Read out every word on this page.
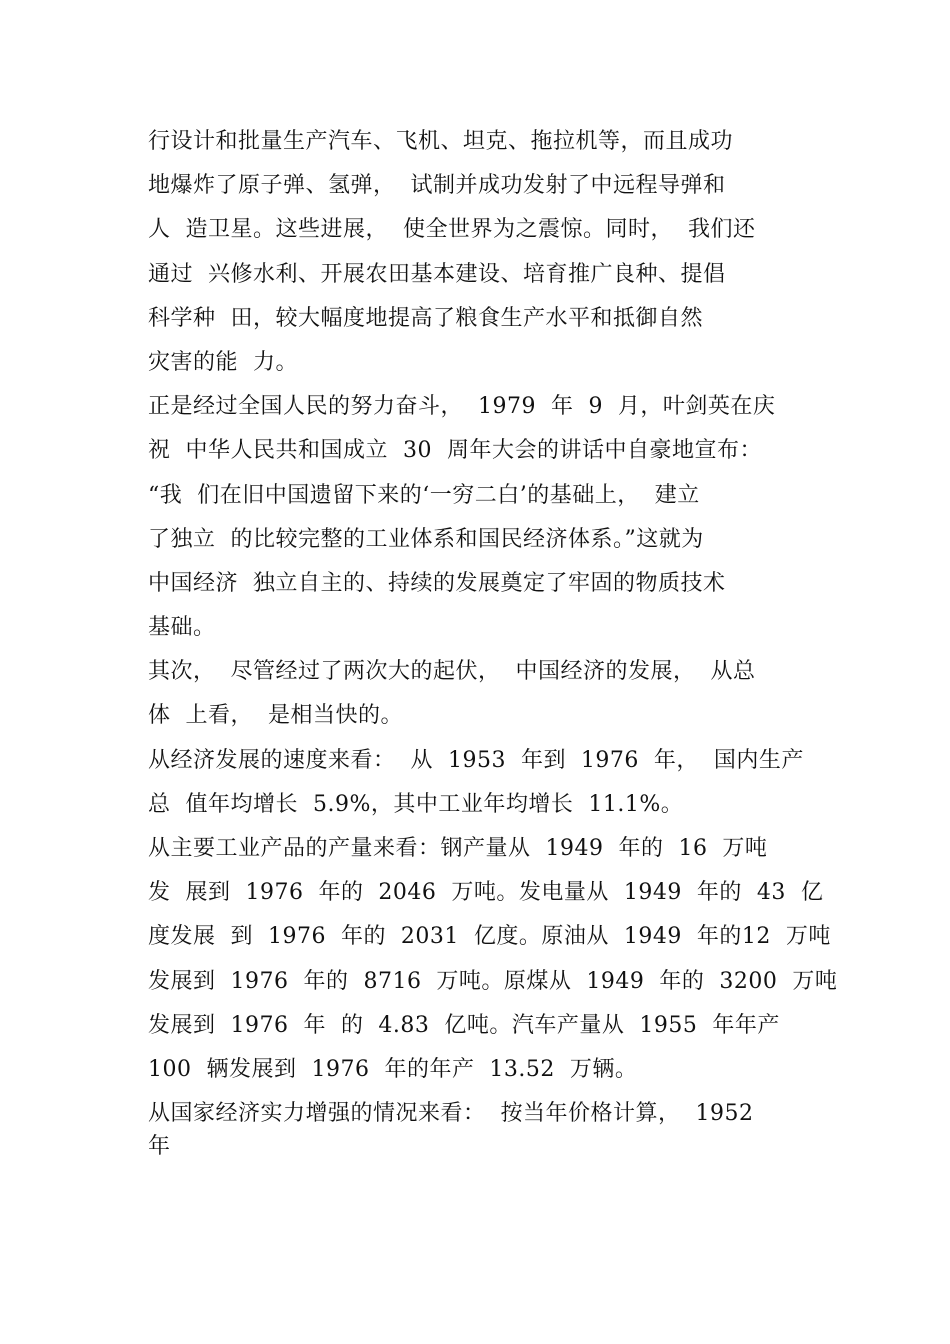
行设计和批量生产汽车、飞机、坦克、拖拉机等，而且成功
地爆炸了原子弹、氢弹，  试制并成功发射了中远程导弹和
人  造卫星。这些进展，  使全世界为之震惊。同时，  我们还
通过  兴修水利、开展农田基本建设、培育推广良种、提倡
科学种  田，较大幅度地提高了粮食生产水平和抵御自然
灾害的能  力。
正是经过全国人民的努力奋斗，  1979  年  9  月，叶剑英在庆
祝  中华人民共和国成立  30  周年大会的讲话中自豪地宣布：
“我  们在旧中国遗留下来的‘一穷二白’的基础上，  建立
了独立  的比较完整的工业体系和国民经济体系。”这就为
中国经济  独立自主的、持续的发展奠定了牢固的物质技术
基础。
其次，  尽管经过了两次大的起伏，  中国经济的发展，  从总
体  上看，  是相当快的。
从经济发展的速度来看：  从  1953  年到  1976  年，  国内生产
总  值年均增长  5.9%，其中工业年均增长  11.1%。
从主要工业产品的产量来看：钢产量从  1949  年的  16  万吨
发  展到  1976  年的  2046  万吨。发电量从  1949  年的  43  亿
度发展  到  1976  年的  2031  亿度。原油从  1949  年的12  万吨
发展到  1976  年的  8716  万吨。原煤从  1949  年的  3200  万吨
发展到  1976  年  的  4.83  亿吨。汽车产量从  1955  年年产
100  辆发展到  1976  年的年产  13.52  万辆。
从国家经济实力增强的情况来看：  按当年价格计算，  1952
年
